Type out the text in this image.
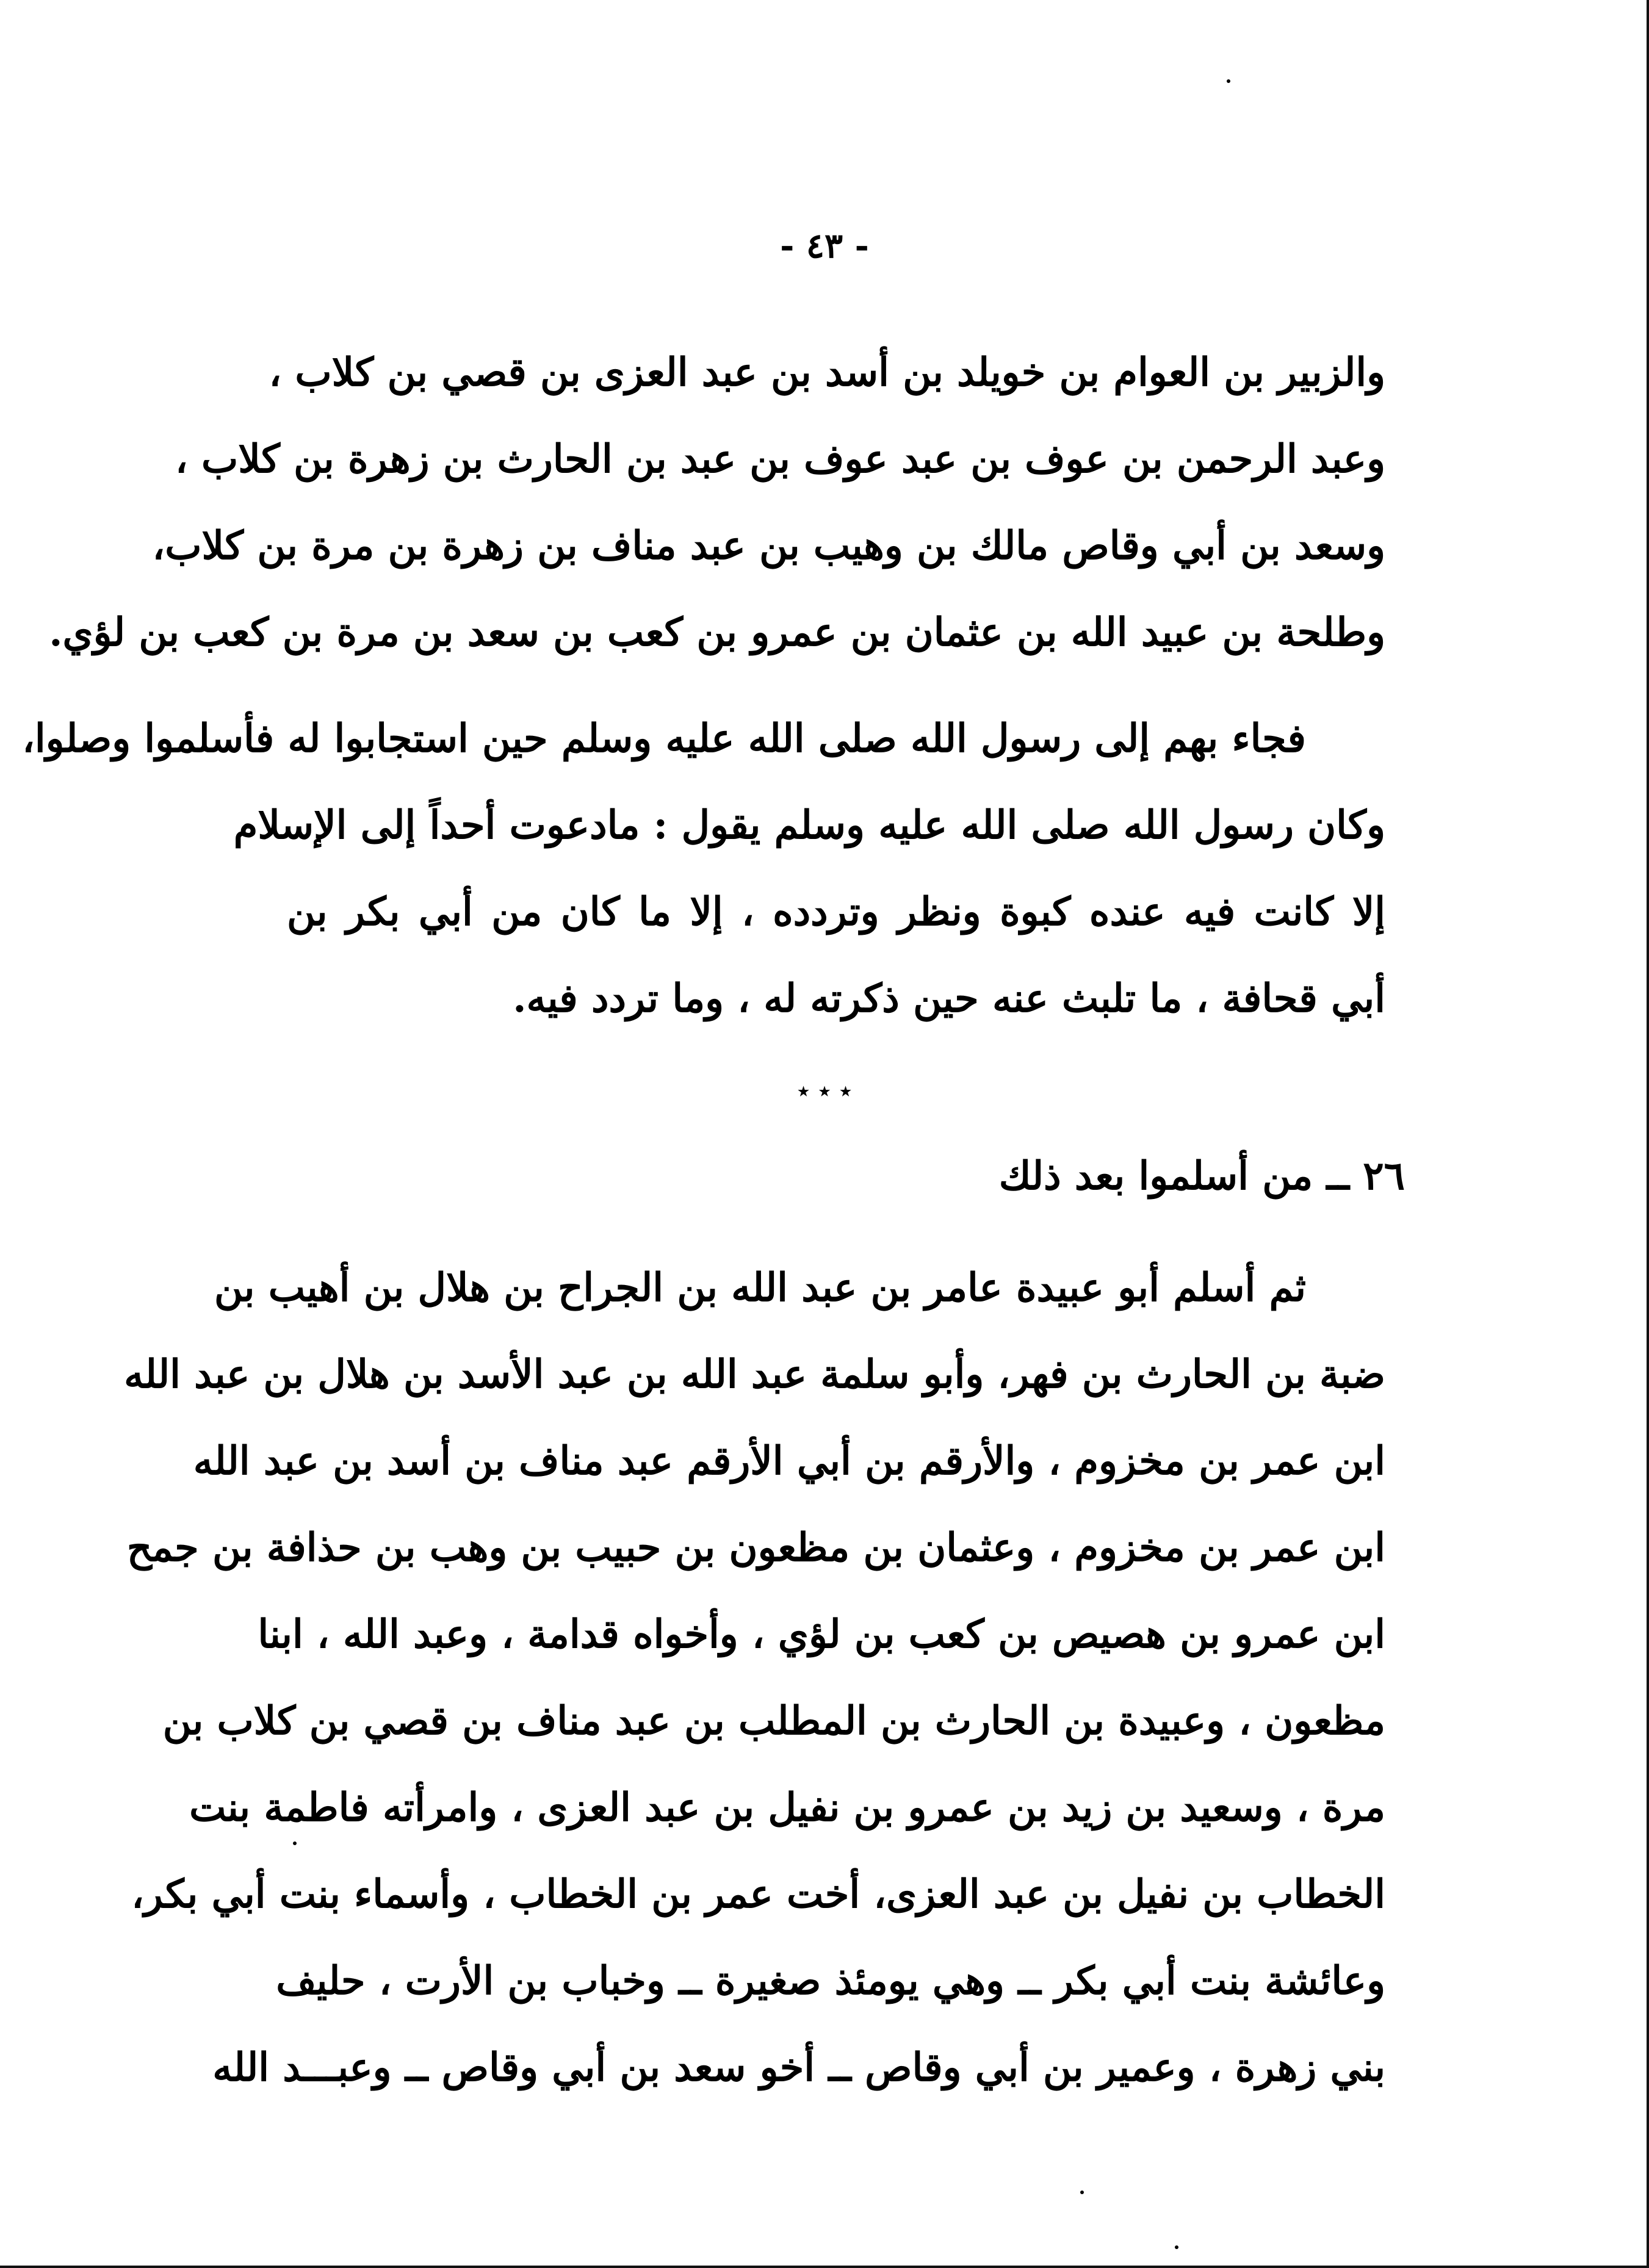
- ٤٣ -
والزبير بن العوام بن خويلد بن أسد بن عبد العزى بن قصي بن كلاب ،
وعبد الرحمن بن عوف بن عبد عوف بن عبد بن الحارث بن زهرة بن كلاب ،
وسعد بن أبي وقاص مالك بن وهيب بن عبد مناف بن زهرة بن مرة بن كلاب،
وطلحة بن عبيد الله بن عثمان بن عمرو بن كعب بن سعد بن مرة بن كعب بن لؤي.
فجاء بهم إلى رسول الله صلى الله عليه وسلم حين استجابوا له فأسلموا وصلوا،
وكان رسول الله صلى الله عليه وسلم يقول : مادعوت أحداً إلى الإسلام
إلا كانت فيه عنده كبوة ونظر وتردده ، إلا ما كان من أبي بكر بن
أبي قحافة ، ما تلبث عنه حين ذكرته له ، وما تردد فيه.
٭ ٭ ٭
٢٦ ــ من أسلموا بعد ذلك
ثم أسلم أبو عبيدة عامر بن عبد الله بن الجراح بن هلال بن أهيب بن
ضبة بن الحارث بن فهر، وأبو سلمة عبد الله بن عبد الأسد بن هلال بن عبد الله
ابن عمر بن مخزوم ، والأرقم بن أبي الأرقم عبد مناف بن أسد بن عبد الله
ابن عمر بن مخزوم ، وعثمان بن مظعون بن حبيب بن وهب بن حذافة بن جمح
ابن عمرو بن هصيص بن كعب بن لؤي ، وأخواه قدامة ، وعبد الله ، ابنا
مظعون ، وعبيدة بن الحارث بن المطلب بن عبد مناف بن قصي بن كلاب بن
مرة ، وسعيد بن زيد بن عمرو بن نفيل بن عبد العزى ، وامرأته فاطمة بنت
الخطاب بن نفيل بن عبد العزى، أخت عمر بن الخطاب ، وأسماء بنت أبي بكر،
وعائشة بنت أبي بكر ــ وهي يومئذ صغيرة ــ وخباب بن الأرت ، حليف
بني زهرة ، وعمير بن أبي وقاص ــ أخو سعد بن أبي وقاص ــ وعبـــد الله
